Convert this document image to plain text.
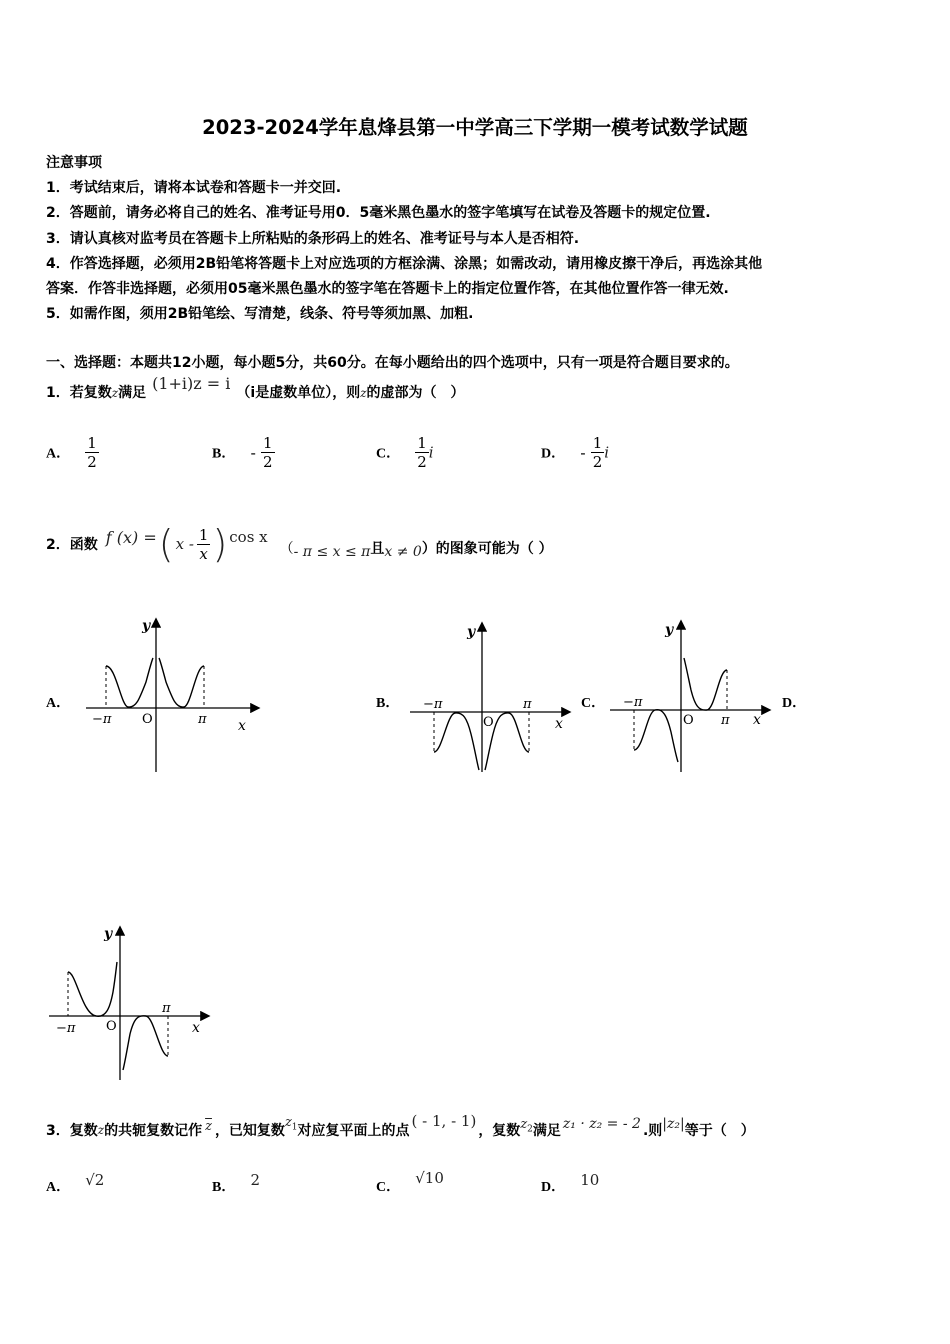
2023-2024学年息烽县第一中学高三下学期一模考试数学试题
注意事项
1．考试结束后，请将本试卷和答题卡一并交回.
2．答题前，请务必将自己的姓名、准考证号用0．5毫米黑色墨水的签字笔填写在试卷及答题卡的规定位置.
3．请认真核对监考员在答题卡上所粘贴的条形码上的姓名、准考证号与本人是否相符.
4．作答选择题，必须用2B铅笔将答题卡上对应选项的方框涂满、涂黑；如需改动，请用橡皮擦干净后，再选涂其他
答案．作答非选择题，必须用05毫米黑色墨水的签字笔在答题卡上的指定位置作答，在其他位置作答一律无效.
5．如需作图，须用2B铅笔绘、写清楚，线条、符号等须加黑、加粗.
一、选择题：本题共12小题，每小题5分，共60分。在每小题给出的四个选项中，只有一项是符合题目要求的。
1．若复数z满足 (1+i)z = i （i是虚数单位），则z的虚部为（　）
A． $\frac{1}{2}$	B． - $\frac{1}{2}$	C． $\frac{1}{2}$ i	D． - $\frac{1}{2}$ i
2．函数 f (x) = ( x - $\frac{1}{x}$ ) cos x
（ - π ≤ x ≤ π 且 x ≠ 0 ）的图象可能为（ ）
A．	B．	C．	D．
y
x
O
−π	π
y
x
O
−π	π
y
x
O
−π
π
y
x
O
−π
π
3．复数 z 的共轭复数记作 $\overline{z}$ ，已知复数
$z_1$ 对应复平面上的点
( - 1, - 1)
，复数 $z_2$ 满足 z₁ · z₂ = - 2 .则 |z₂| 等于（　）
A． √2	B． 2	C． √10
D． 10
